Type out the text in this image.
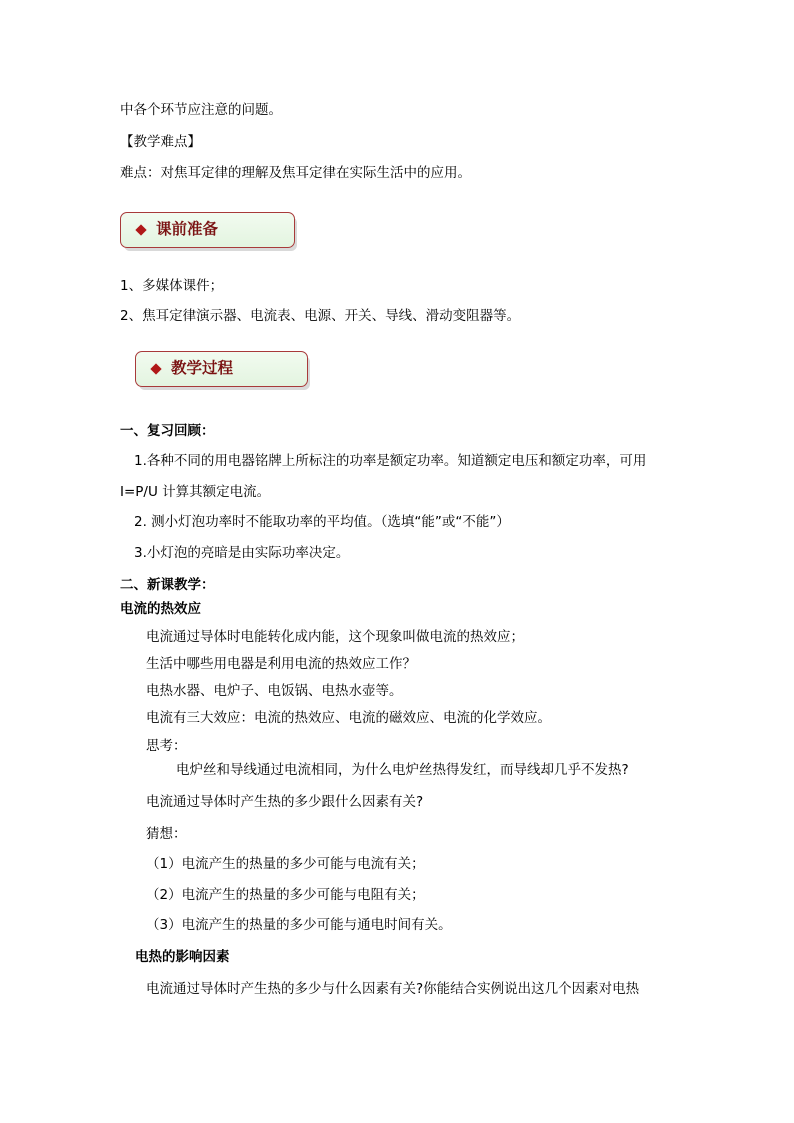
中各个环节应注意的问题。
【教学难点】
难点：对焦耳定律的理解及焦耳定律在实际生活中的应用。
课前准备
1、多媒体课件；
2、焦耳定律演示器、电流表、电源、开关、导线、滑动变阻器等。
教学过程
一、复习回顾：
1.各种不同的用电器铭牌上所标注的功率是额定功率。知道额定电压和额定功率，可用
I=P/U 计算其额定电流。
2. 测小灯泡功率时不能取功率的平均值。（选填“能”或“不能”）
3.小灯泡的亮暗是由实际功率决定。
二、新课教学：
电流的热效应
电流通过导体时电能转化成内能，这个现象叫做电流的热效应；
生活中哪些用电器是利用电流的热效应工作？
电热水器、电炉子、电饭锅、电热水壶等。
电流有三大效应：电流的热效应、电流的磁效应、电流的化学效应。
思考：
电炉丝和导线通过电流相同，为什么电炉丝热得发红，而导线却几乎不发热?
电流通过导体时产生热的多少跟什么因素有关?
猜想：
（1）电流产生的热量的多少可能与电流有关；
（2）电流产生的热量的多少可能与电阻有关；
（3）电流产生的热量的多少可能与通电时间有关。
电热的影响因素
电流通过导体时产生热的多少与什么因素有关?你能结合实例说出这几个因素对电热
